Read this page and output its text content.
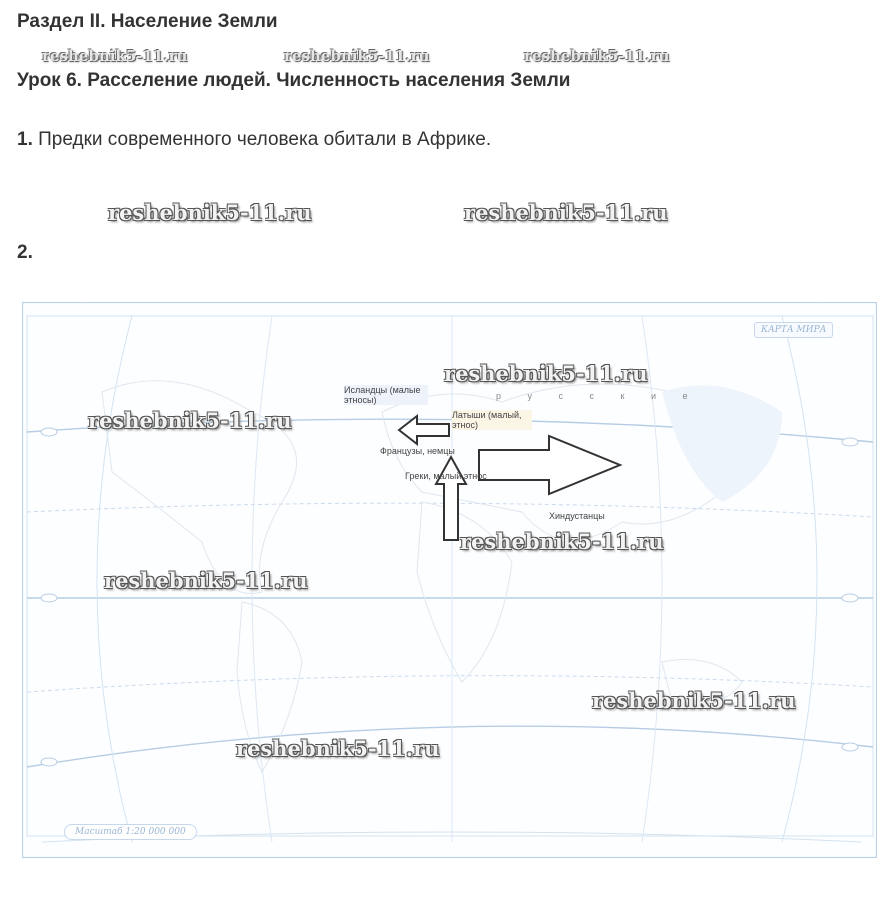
Раздел II. Население Земли
reshebnik5-11.ru	reshebnik5-11.ru	reshebnik5-11.ru
Урок 6. Расселение людей. Численность населения Земли
1. Предки современного человека обитали в Африке.
reshebnik5-11.ru	reshebnik5-11.ru
2.
КАРТА МИРА
Масштаб 1:20 000 000
Исландцы (малые этносы)
Латыши (малый, этнос)
Французы, немцы
Греки, малый этнос
Хиндустанцы
р у с с к и е
reshebnik5-11.ru
reshebnik5-11.ru
reshebnik5-11.ru
reshebnik5-11.ru
reshebnik5-11.ru
reshebnik5-11.ru
